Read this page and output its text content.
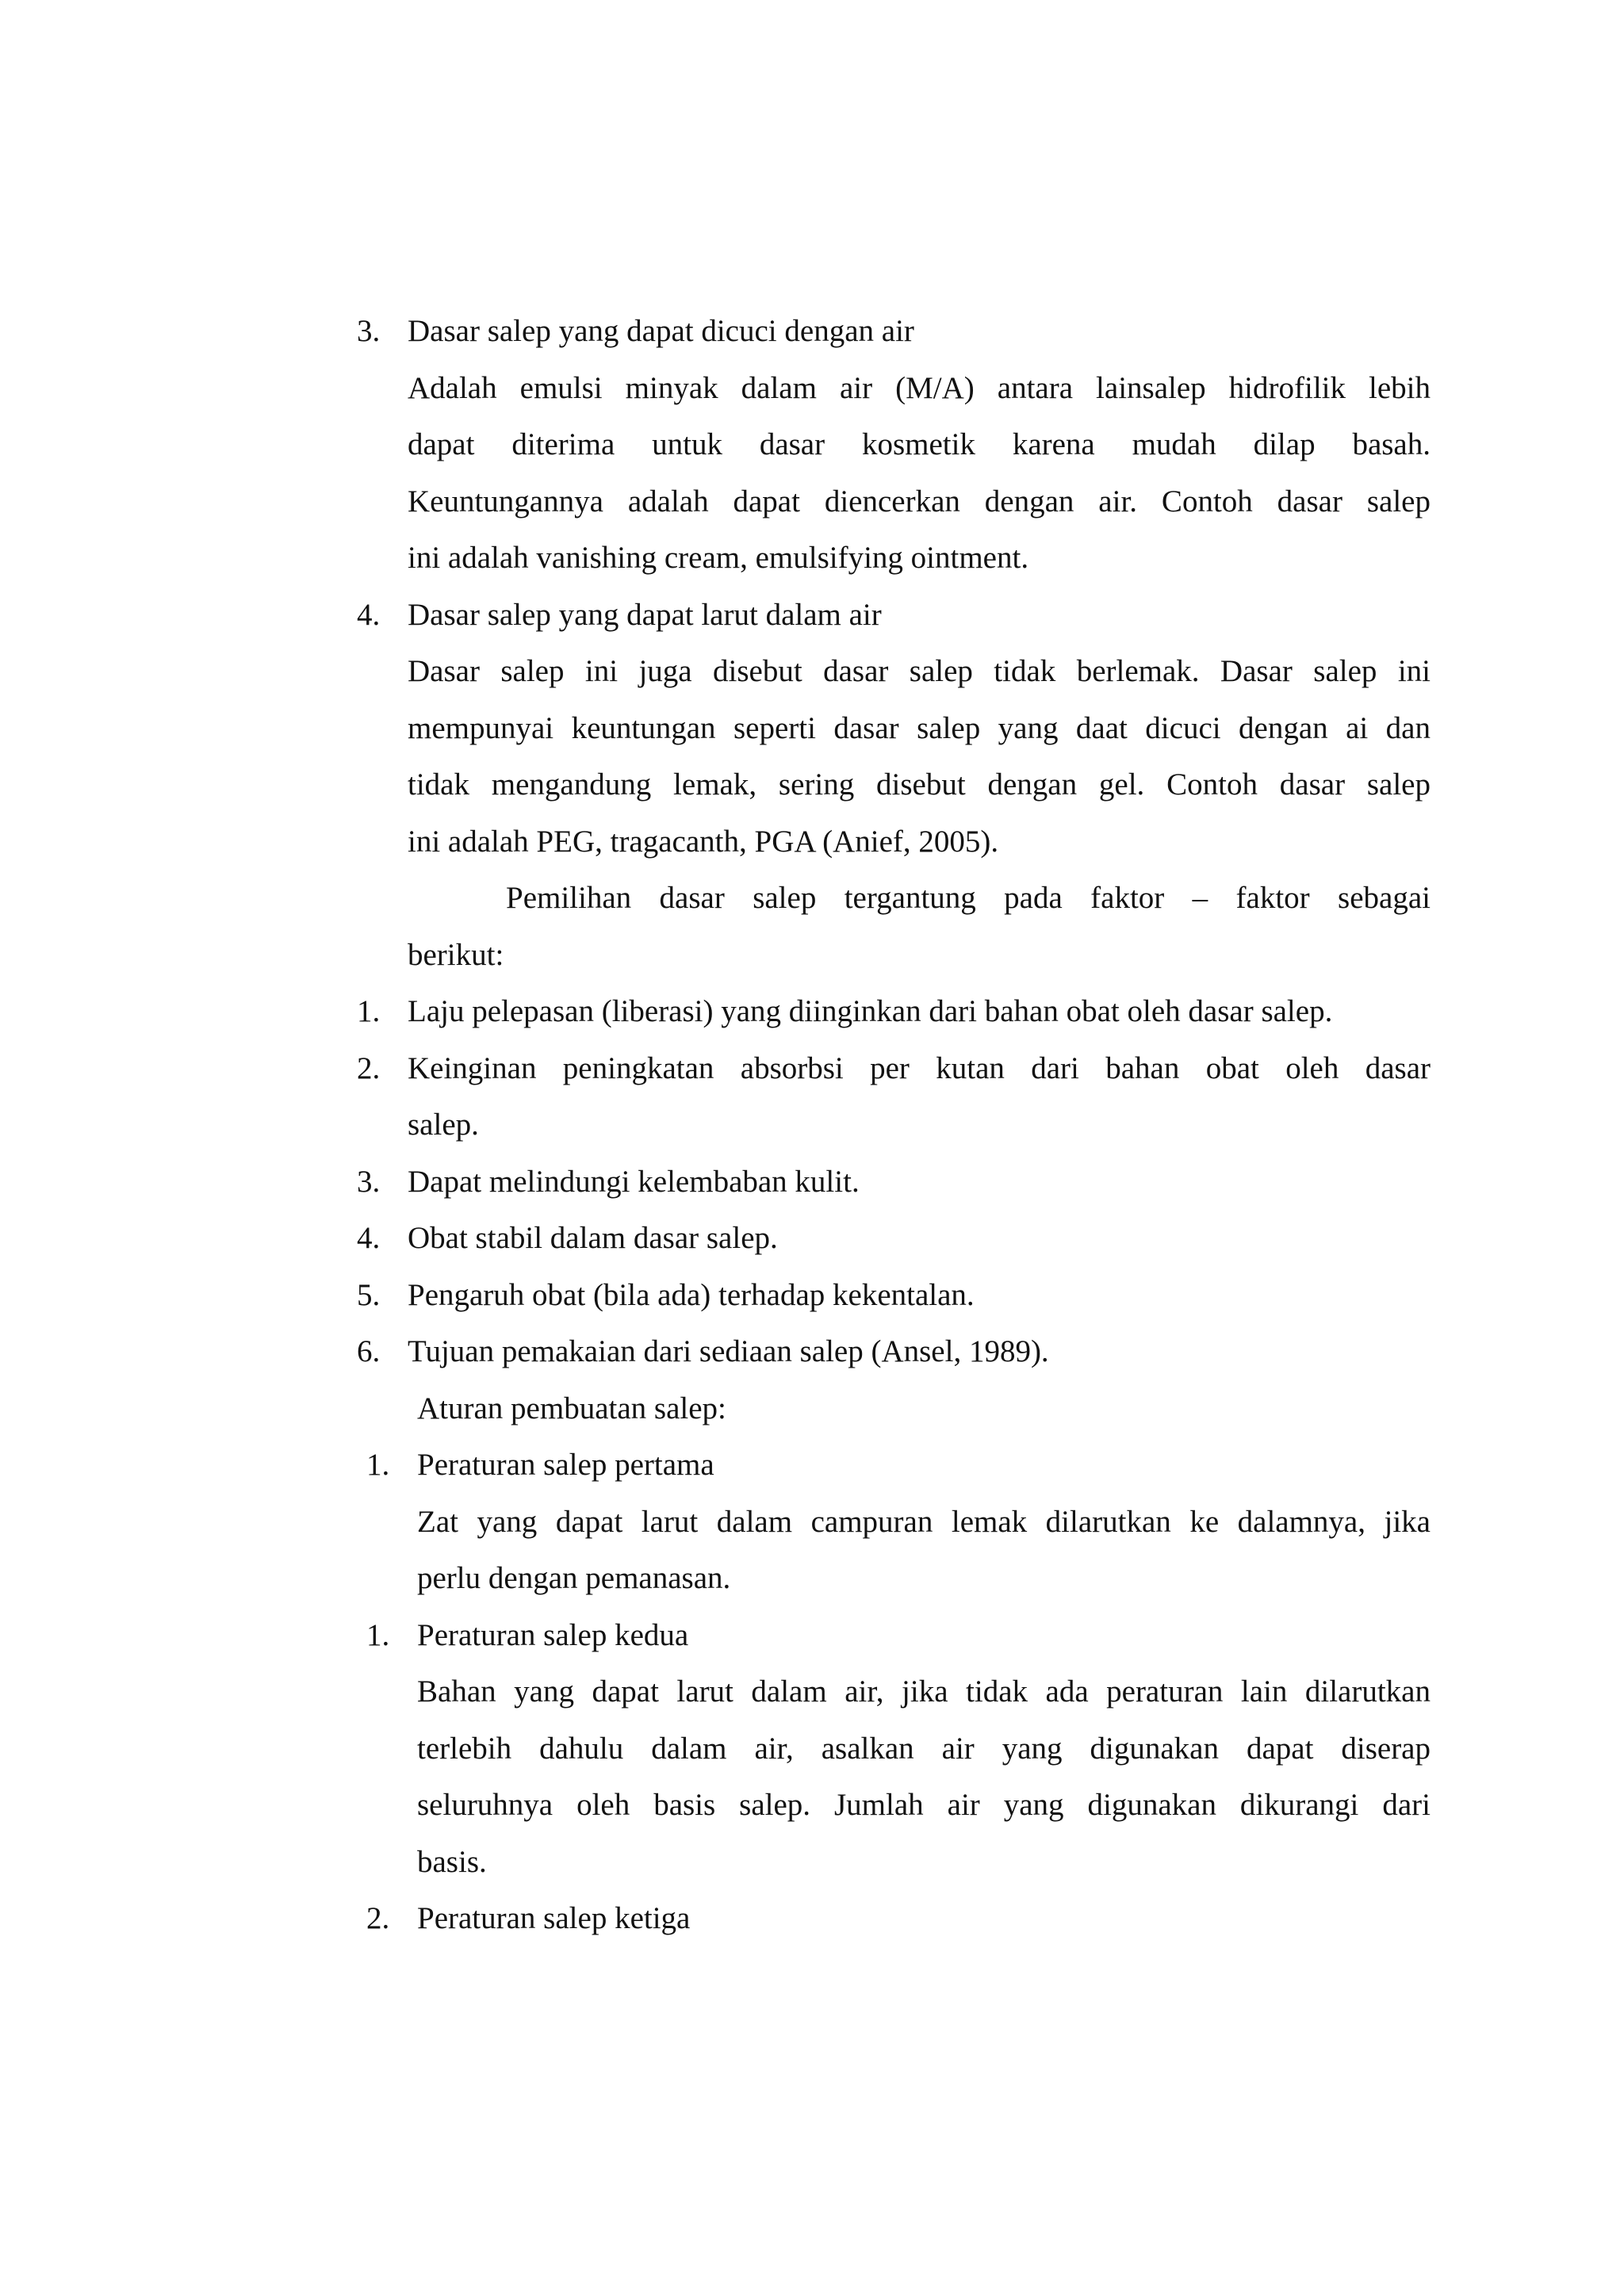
3. Dasar salep yang dapat dicuci dengan air
Adalah emulsi minyak dalam air (M/A) antara lainsalep hidrofilik lebih
dapat diterima untuk dasar kosmetik karena mudah dilap basah.
Keuntungannya adalah dapat diencerkan dengan air. Contoh dasar salep
ini adalah vanishing cream, emulsifying ointment.
4. Dasar salep yang dapat larut dalam air
Dasar salep ini juga disebut dasar salep tidak berlemak. Dasar salep ini
mempunyai keuntungan seperti dasar salep yang daat dicuci dengan ai dan
tidak mengandung lemak, sering disebut dengan gel. Contoh dasar salep
ini adalah PEG, tragacanth, PGA (Anief, 2005).
Pemilihan dasar salep tergantung pada faktor – faktor sebagai
berikut:
1. Laju pelepasan (liberasi) yang diinginkan dari bahan obat oleh dasar salep.
2. Keinginan peningkatan absorbsi per kutan dari bahan obat oleh dasar
salep.
3. Dapat melindungi kelembaban kulit.
4. Obat stabil dalam dasar salep.
5. Pengaruh obat (bila ada) terhadap kekentalan.
6. Tujuan pemakaian dari sediaan salep (Ansel, 1989).
Aturan pembuatan salep:
1. Peraturan salep pertama
Zat yang dapat larut dalam campuran lemak dilarutkan ke dalamnya, jika
perlu dengan pemanasan.
1. Peraturan salep kedua
Bahan yang dapat larut dalam air, jika tidak ada peraturan lain dilarutkan
terlebih dahulu dalam air, asalkan air yang digunakan dapat diserap
seluruhnya oleh basis salep. Jumlah air yang digunakan dikurangi dari
basis.
2. Peraturan salep ketiga
